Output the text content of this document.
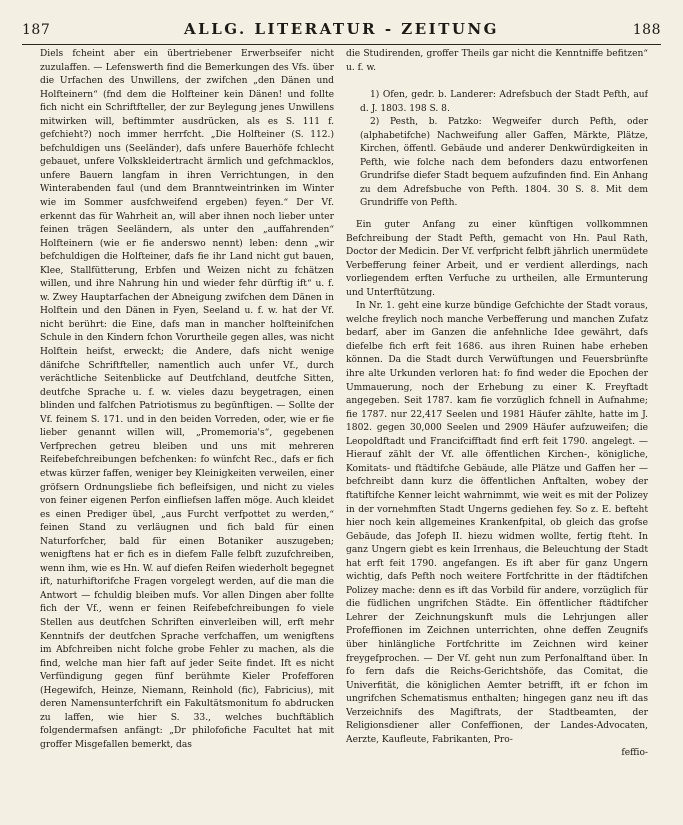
187	ALLG. LITERATUR - ZEITUNG	188

Diels fcheint aber ein übertriebener Erwerbseifer nicht zuzulaffen. — Lefenswerth find die Bemerkungen des Vfs. über die Urfachen des Unwillens, der zwifchen „den Dänen und Holfteinern“ (fnd dem die Holfteiner kein Dänen! und follte fich nicht ein Schriftfteller, der zur Beylegung jenes Unwillens mitwirken will, beftimmter ausdrücken, als es S. 111 f. gefchieht?) noch immer herrfcht. „Die Holfteiner (S. 112.) befchuldigen uns (Seeländer), dafs unfere Bauerhöfe fchlecht gebauet, unfere Volkskleidertracht ärmlich und gefchmacklos, unfere Bauern langfam in ihren Verrichtungen, in den Winterabenden faul (und dem Branntweintrinken im Winter wie im Sommer ausfchweifend ergeben) feyen.“ Der Vf. erkennt das für Wahrheit an, will aber ihnen noch lieber unter feinen trägen Seeländern, als unter den „auffahrenden“ Holfteinern (wie er fie anderswo nennt) leben: denn „wir befchuldigen die Holfteiner, dafs fie ihr Land nicht gut bauen, Klee, Stallfütterung, Erbfen und Weizen nicht zu fchätzen willen, und ihre Nahrung hin und wieder fehr dürftig ift“ u. f. w. Zwey Hauptarfachen der Abneigung zwifchen dem Dänen in Holftein und den Dänen in Fyen, Seeland u. f. w. hat der Vf. nicht berührt: die Eine, dafs man in mancher holfteinifchen Schule in den Kindern fchon Vorurtheile gegen alles, was nicht Holftein heifst, erweckt; die Andere, dafs nicht wenige dänifche Schriftfteller, namentlich auch unfer Vf., durch verächtliche Seitenblicke auf Deutfchland, deutfche Sitten, deutfche Sprache u. f. w. vieles dazu beygetragen, einen blinden und falfchen Patriotismus zu begünftigen. — Sollte der Vf. feinem S. 171. und in den beiden Vorreden, oder, wie er fie lieber genannt willen will, „Promemoria's“, gegebenen Verfprechen getreu bleiben und uns mit mehreren Reifebefchreibungen befchenken: fo wünfcht Rec., dafs er fich etwas kürzer faffen, weniger bey Kleinigkeiten verweilen, einer gröfsern Ordnungsliebe fich befleifsigen, und nicht zu vieles von feiner eigenen Perfon einfliefsen laffen möge. Auch kleidet es einen Prediger übel, „aus Furcht verfpottet zu werden,“ feinen Stand zu verläugnen und fich bald für einen Naturforfcher, bald für einen Botaniker auszugeben; wenigftens hat er fich es in diefem Falle felbft zuzufchreiben, wenn ihm, wie es Hn. W. auf diefen Reifen wiederholt begegnet ift, naturhiftorifche Fragen vorgelegt werden, auf die man die Antwort — fchuldig bleiben mufs. Vor allen Dingen aber follte fich der Vf., wenn er feinen Reifebefchreibungen fo viele Stellen aus deutfchen Schriften einverleiben will, erft mehr Kenntnifs der deutfchen Sprache verfchaffen, um wenigftens im Abfchreiben nicht folche grobe Fehler zu machen, als die find, welche man hier faft auf jeder Seite findet. Ift es nicht Verfündigung gegen fünf berühmte Kieler Profefforen (Hegewifch, Heinze, Niemann, Reinhold (fic), Fabricius), mit deren Namensunterfchrift ein Fakultätsmonitum fo abdrucken zu laffen, wie hier S. 33., welches buchftäblich folgendermafsen anfängt: „Dr philofofiche Facultet hat mit groffer Misgefallen bemerkt, das

die Studirenden, groffer Theils gar nicht die Kenntniffe befitzen“ u. f. w.

1) Ofen, gedr. b. Landerer: Adrefsbuch der Stadt Pefth, auf d. J. 1803. 198 S. 8.

2) Pesth, b. Patzko: Wegweifer durch Pefth, oder (alphabetifche) Nachweifung aller Gaffen, Märkte, Plätze, Kirchen, öffentl. Gebäude und anderer Denkwürdigkeiten in Pefth, wie folche nach dem befonders dazu entworfenen Grundrifse diefer Stadt bequem aufzufinden find. Ein Anhang zu dem Adrefsbuche von Pefth. 1804. 30 S. 8. Mit dem Grundriffe von Pefth.

Ein guter Anfang zu einer künftigen vollkommnen Befchreibung der Stadt Pefth, gemacht von Hn. Paul Rath, Doctor der Medicin. Der Vf. verfpricht felbft jährlich unermüdete Verbefferung feiner Arbeit, und er verdient allerdings, nach vorliegendem erften Verfuche zu urtheilen, alle Ermunterung und Unterftützung.

In Nr. 1. geht eine kurze bündige Gefchichte der Stadt voraus, welche freylich noch manche Verbefferung und manchen Zufatz bedarf, aber im Ganzen die anfehnliche Idee gewährt, dafs diefelbe fich erft feit 1686. aus ihren Ruinen habe erheben können. Da die Stadt durch Verwüftungen und Feuersbrünfte ihre alte Urkunden verloren hat: fo find weder die Epochen der Ummauerung, noch der Erhebung zu einer K. Freyftadt angegeben. Seit 1787. kam fie vorzüglich fchnell in Aufnahme; fie 1787. nur 22,417 Seelen und 1981 Häufer zählte, hatte im J. 1802. gegen 30,000 Seelen und 2909 Häufer aufzuweifen; die Leopoldftadt und Francifcifftadt find erft feit 1790. angelegt. — Hierauf zählt der Vf. alle öffentlichen Kirchen-, königliche, Komitats- und ftädtifche Gebäude, alle Plätze und Gaffen her — befchreibt dann kurz die öffentlichen Anftalten, wobey der ftatiftifche Kenner leicht wahrnimmt, wie weit es mit der Polizey in der vornehmften Stadt Ungerns gediehen fey. So z. E. befteht hier noch kein allgemeines Krankenfpital, ob gleich das grofse Gebäude, das Jofeph II. hiezu widmen wollte, fertig fteht. In ganz Ungern giebt es kein Irrenhaus, die Beleuchtung der Stadt hat erft feit 1790. angefangen. Es ift aber für ganz Ungern wichtig, dafs Pefth noch weitere Fortfchritte in der ftädtifchen Polizey mache: denn es ift das Vorbild für andere, vorzüglich für die füdlichen ungrifchen Städte. Ein öffentlicher ftädtifcher Lehrer der Zeichnungskunft muls die Lehrjungen aller Profeffionen im Zeichnen unterrichten, ohne deffen Zeugnifs über hinlängliche Fortfchritte im Zeichnen wird keiner freygefprochen. — Der Vf. geht nun zum Perfonalftand über. In fo fern dafs die Reichs-Gerichtshöfe, das Comitat, die Univerfität, die königlichen Aemter betrifft, ift er fchon im ungrifchen Schematismus enthalten; hingegen ganz neu ift das Verzeichnifs des Magiftrats, der Stadtbeamten, der Religionsdiener aller Confeffionen, der Landes-Advocaten, Aerzte, Kaufleute, Fabrikanten, Pro-

feffio-
